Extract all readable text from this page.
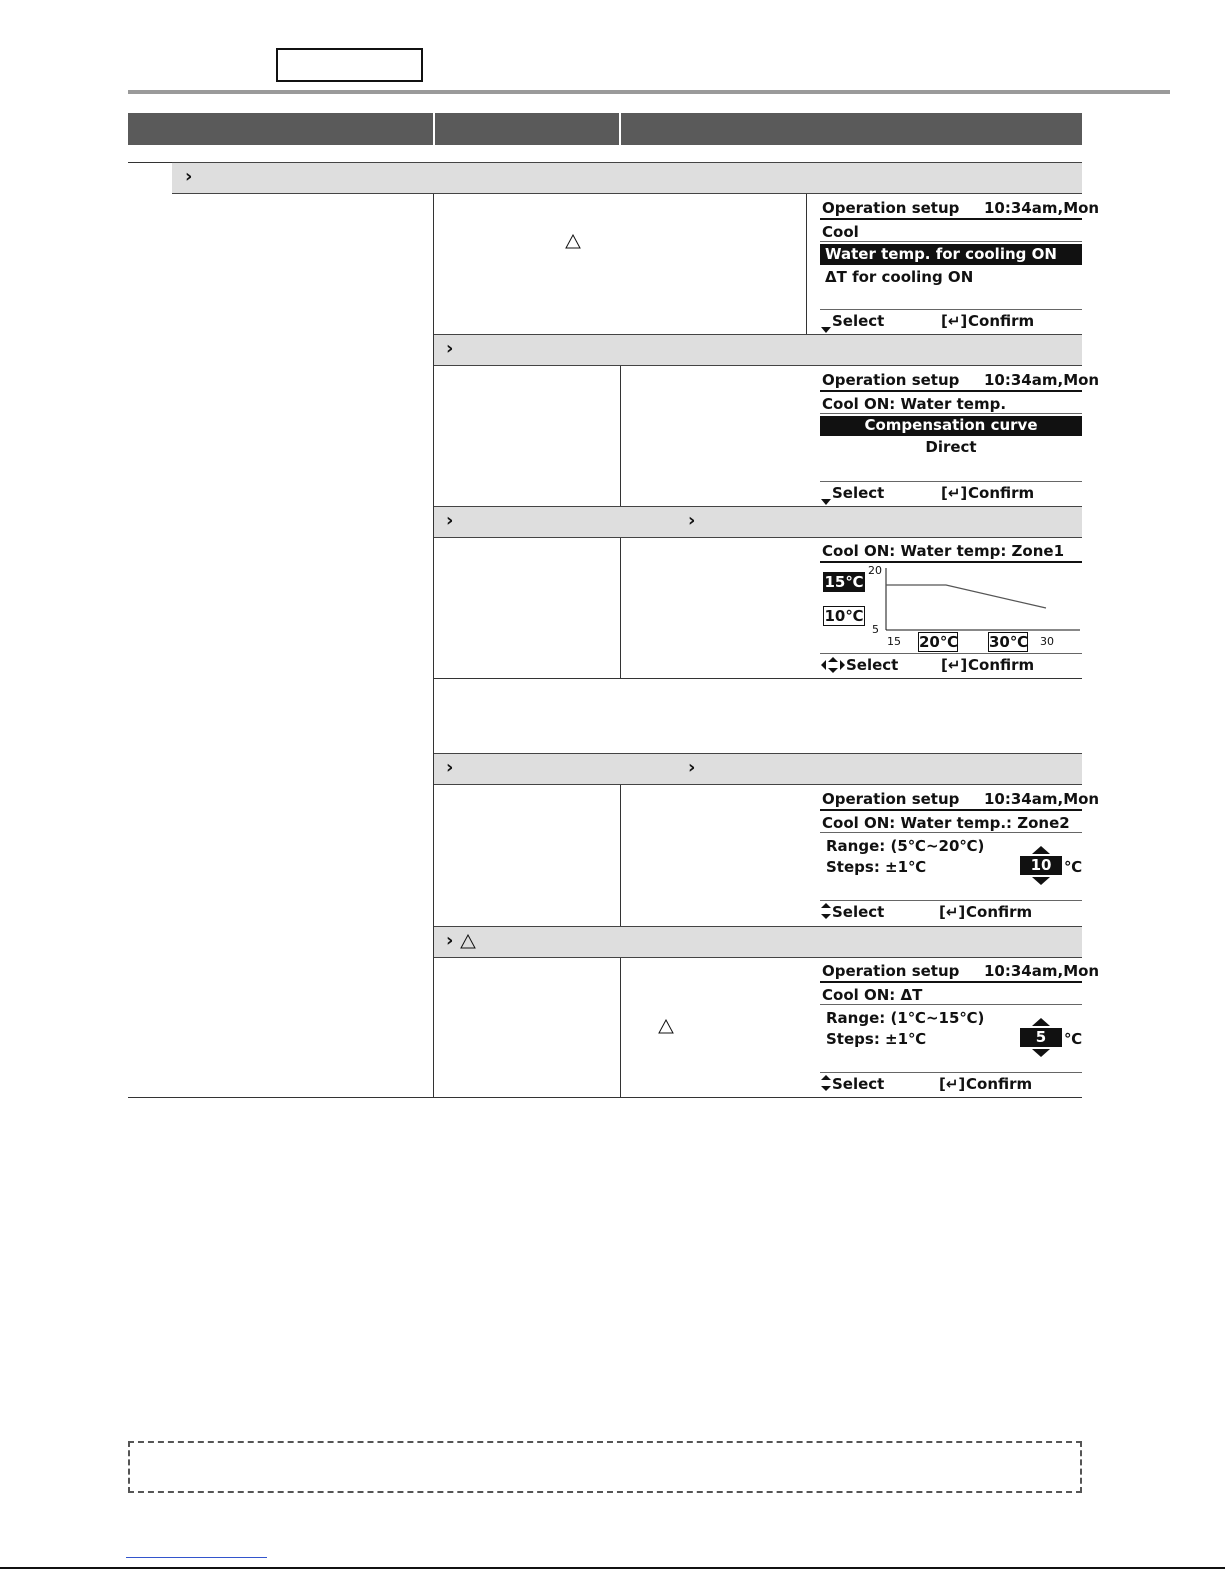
›
›
›	›
›	›
›
Operation setup 10:34am,Mon
Cool
Water temp. for cooling ON
ΔT for cooling ON
Select	[↵] Confirm
Operation setup 10:34am,Mon
Cool ON: Water temp.
Compensation curve
Direct
Select	[↵] Confirm
Cool ON: Water temp: Zone1
15℃
10℃
20
5
15 20℃ 30℃ 30
Select	[↵] Confirm
Operation setup 10:34am,Mon
Cool ON: Water temp.: Zone2
Range: (5℃~20℃)
Steps: ±1℃	10 ℃
Select	[↵] Confirm
Operation setup 10:34am,Mon
Cool ON: ΔT
Range: (1℃~15℃)
Steps: ±1℃	5	℃
Select	[↵] Confirm
